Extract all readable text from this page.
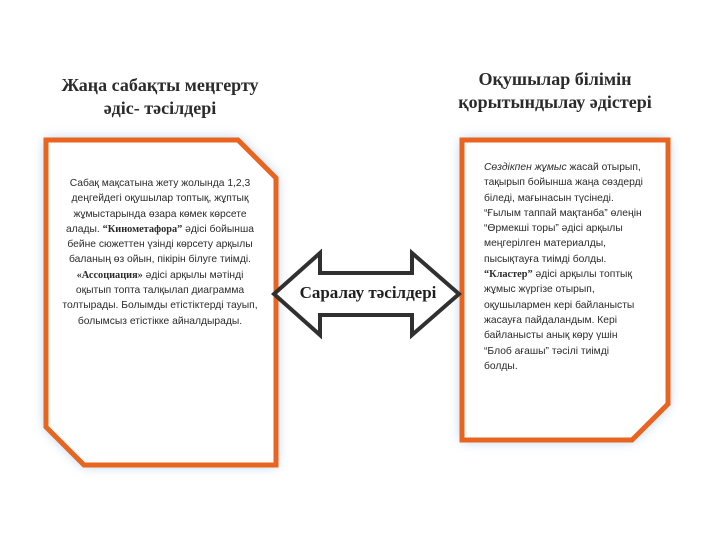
Жаңа сабақты меңгерту
әдіс- тәсілдері
Оқушылар білімін
қорытындылау әдістері
Саралау тәсілдері
Сабақ мақсатына жету жолында 1,2,3 деңгейдегі оқушылар топтық, жұптық жұмыстарында өзара көмек көрсете алады. “Кинометафора” әдісі бойынша бейне сюжеттен үзінді көрсету арқылы баланың өз ойын, пікірін білуге тиімді. «Ассоциация» әдісі арқылы мәтінді оқытып топта талқылап диаграмма толтырады. Болымды етістіктерді тауып, болымсыз етістікке айналдырады.
Сөздікпен жұмыс жасай отырып, тақырып бойынша жаңа сөздерді біледі, мағынасын түсінеді. “Ғылым таппай мақтанба” өлеңін “Өрмекші торы” әдісі арқылы меңгерілген материалды, пысықтауға тиімді болды. “Кластер” әдісі арқылы топтық жұмыс жүргізе отырып, оқушылармен кері байланысты жасауға пайдаландым. Кері байланысты анық көру үшін “Блоб ағашы” тәсілі тиімді болды.
